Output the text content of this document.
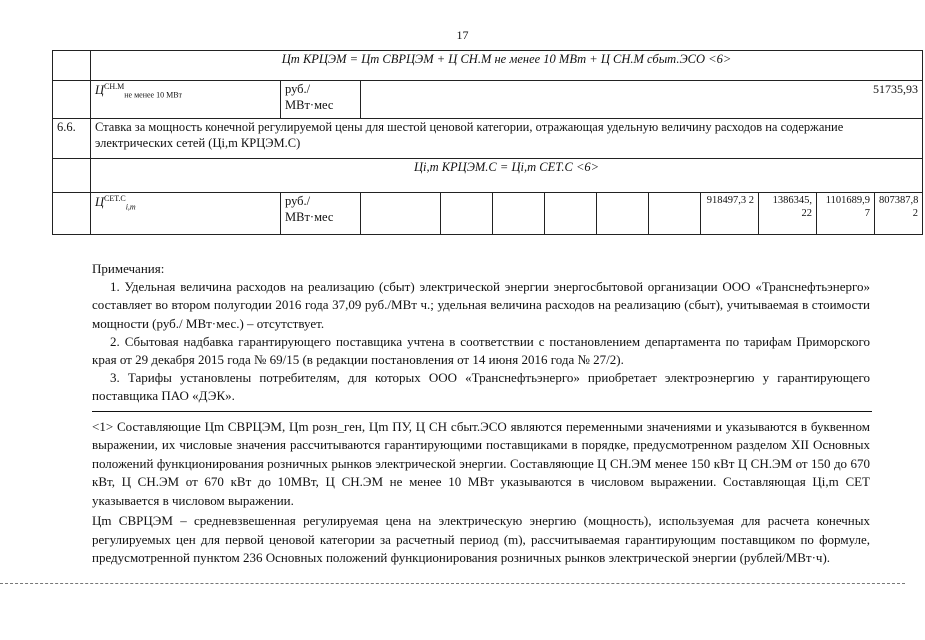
17
	Цm КРЦЭМ = Цm СВРЦЭМ + Ц СН.М не менее 10 МВт + Ц СН.М сбыт.ЭСО <6>											
	$Ц^{СН.М}_{не менее 10 МВт}$	руб./ МВт·мес	51735,93									
6.6.	Ставка за мощность конечной регулируемой цены для шестой ценовой категории, отражающая удельную величину расходов на содержание электрических сетей (Цi,m КРЦЭМ.С)											
	Цi,m КРЦЭМ.С = Цi,m СЕТ.С <6>											
	$Ц^{СЕТ.С}_{i,m}$	руб./ МВт·мес							918497,3 2	1386345, 22	1101689,9 7	807387,8 2

Примечания:

1. Удельная величина расходов на реализацию (сбыт) электрической энергии энергосбытовой организации ООО «Транснефтьэнерго» составляет во втором полугодии 2016 года 37,09 руб./МВт ч.; удельная величина расходов на реализацию (сбыт), учитываемая в стоимости мощности (руб./ МВт·мес.) – отсутствует.

2. Сбытовая надбавка гарантирующего поставщика учтена в соответствии с постановлением департамента по тарифам Приморского края от 29 декабря 2015 года № 69/15 (в редакции постановления от 14 июня 2016 года № 27/2).

3. Тарифы установлены потребителям, для которых ООО «Транснефтьэнерго» приобретает электроэнергию у гарантирующего поставщика ПАО «ДЭК».

<1> Составляющие Цm СВРЦЭМ, Цm розн_ген, Цm ПУ, Ц СН сбыт.ЭСО являются переменными значениями и указываются в буквенном выражении, их числовые значения рассчитываются гарантирующими поставщиками в порядке, предусмотренном разделом XII Основных положений функционирования розничных рынков электрической энергии. Составляющие Ц СН.ЭМ менее 150 кВт Ц СН.ЭМ от 150 до 670 кВт, Ц СН.ЭМ от 670 кВт до 10МВт, Ц СН.ЭМ не менее 10 МВт указываются в числовом выражении. Составляющая Цi,m СЕТ указывается в числовом выражении.

Цm СВРЦЭМ – средневзвешенная регулируемая цена на электрическую энергию (мощность), используемая для расчета конечных регулируемых цен для первой ценовой категории за расчетный период (m), рассчитываемая гарантирующим поставщиком по формуле, предусмотренной пунктом 236 Основных положений функционирования розничных рынков электрической энергии (рублей/МВт·ч).
